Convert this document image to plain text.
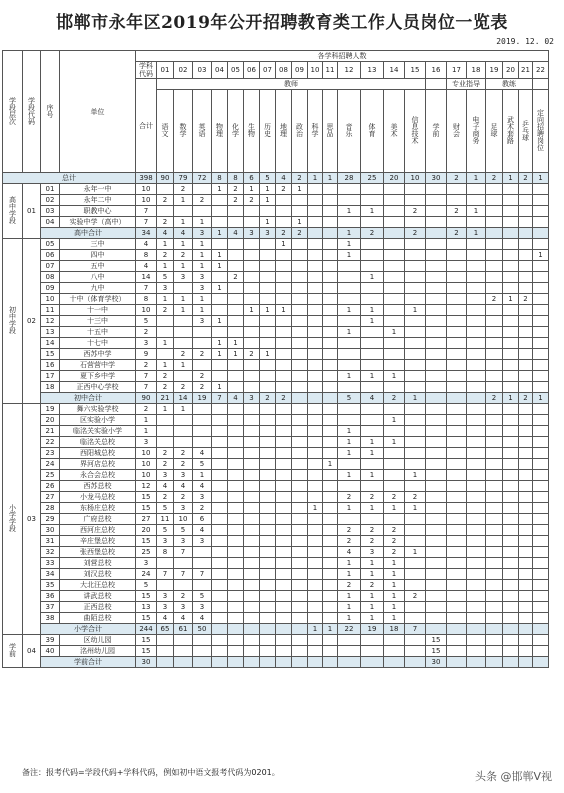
邯郸市永年区2019年公开招聘教育类工作人员岗位一览表
2019. 12. 02
学段层次	学段代码	序号	单位	各学科招聘人数																						

				学科代码	01	02	03	04	05	06	07	08	09	10	11	12	13	14	15	16	17	18	19	20	21	22
				合计	教师																专业指导		教练			
					语文	数学	英语	物理	化学	生物	历史	地理	政治	科学	思品	音乐	体育	美术	信息技术	学前	财会	电子商务	足球	武术套路	乒乓球	定向招聘岗位
总计				398	90	79	72	8	8	6	5	4	2	1	1	28	25	20	10	30	2	1	2	1	2	1
高中学段	01	01	永年一中	10		2		1	2	1	1	2	1													
		02	永年二中	10	2	1	2		2	2	1															
		03	职教中心	7												1	1		2		2	1				
		04	实验中学（高中）	7	2	1	1				1		1													
		高中合计		34	4	4	3	1	4	3	3	2	2			1	2		2		2	1				
初中学段	02	05	三中	4	1	1	1					1				1										
		06	四中	8	2	2	1	1								1										1
		07	五中	4	1	1	1	1																		
		08	八中	14	5	3	3		2								1									
		09	九中	7	3		3	1																		
		10	十中（体育学校）	8	1	1	1																2	1	2	
		11	十一中	10	2	1	1			1	1	1				1	1		1							
		12	十三中	5			3	1									1									
		13	十五中	2												1		1								
		14	十七中	3	1			1	1																	
		15	西苏中学	9		2	2	1	1	2	1															
		16	石营营中学	2	1	1																				
		17	夏下乡中学	7	2		2									1	1	1								
		18	正西中心学校	7	2	2	2	1																		
		初中合计		90	21	14	19	7	4	3	2	2				5	4	2	1				2	1	2	1
小学学段	03	19	舞六实验学校	2	1	1																				
		20	区实验小学	1														1								
		21	临洺关实验小学	1												1										
		22	临洺关总校	3												1	1	1								
		23	西阳城总校	10	2	2	4									1	1									
		24	界河店总校	10	2	2	5								1											
		25	永合会总校	10	3	3	1									1	1		1							
		26	西苏总校	12	4	4	4																			
		27	小龙马总校	15	2	2	3									2	2	2	2							
		28	东杨庄总校	15	5	3	2							1		1	1	1	1							
		29	广府总校	27	11	10	6																			
		30	西河庄总校	20	5	5	4									2	2	2								
		31	辛庄堡总校	15	3	3	3									2	2	2								
		32	张西堡总校	25	8	7										4	3	2	1							
		33	刘营总校	3												1	1	1								
		34	刘汉总校	24	7	7	7									1	1	1								
		35	大北汪总校	5												2	2	1								
		36	讲武总校	15	3	2	5									1	1	1	2							
		37	正西总校	13	3	3	3									1	1	1								
		38	曲陌总校	15	4	4	4									1	1	1								
		小学合计		244	65	61	50							1	1	22	19	18	7							
学前	04	39	区幼儿园	15																15						
		40	洺州幼儿园	15																15						
		学前合计		30																30						
备注：报考代码=学段代码+学科代码，例如初中语文报考代码为0201。	头条 @邯郸V视
